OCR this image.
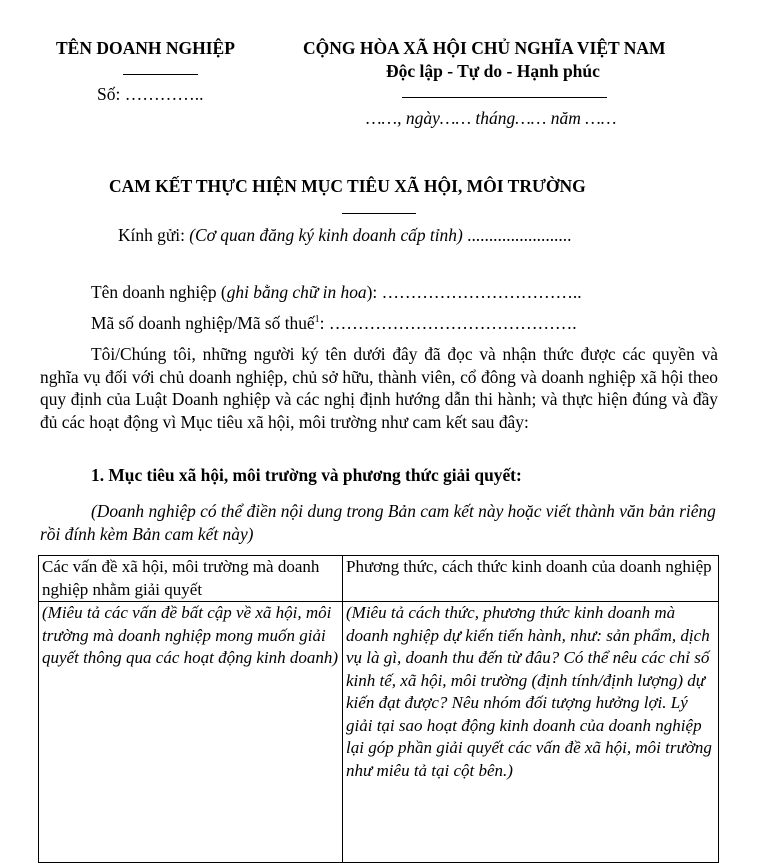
TÊN DOANH NGHIỆP
Số: …………..
CỘNG HÒA XÃ HỘI CHỦ NGHĨA VIỆT NAM
Độc lập - Tự do - Hạnh phúc
……, ngày…… tháng…… năm ……
CAM KẾT THỰC HIỆN MỤC TIÊU XÃ HỘI, MÔI TRƯỜNG
Kính gửi: (Cơ quan đăng ký kinh doanh cấp tỉnh) ........................
Tên doanh nghiệp (ghi bằng chữ in hoa): ……………………………..
Mã số doanh nghiệp/Mã số thuế$^1$: …………………………………….

Tôi/Chúng tôi, những người ký tên dưới đây đã đọc và nhận thức được các quyền và nghĩa vụ đối với chủ doanh nghiệp, chủ sở hữu, thành viên, cổ đông và doanh nghiệp xã hội theo quy định của Luật Doanh nghiệp và các nghị định hướng dẫn thi hành; và thực hiện đúng và đầy đủ các hoạt động vì Mục tiêu xã hội, môi trường như cam kết sau đây:

1. Mục tiêu xã hội, môi trường và phương thức giải quyết:

(Doanh nghiệp có thể điền nội dung trong Bản cam kết này hoặc viết thành văn bản riêng rồi đính kèm Bản cam kết này)

Các vấn đề xã hội, môi trường mà doanh nghiệp nhằm giải quyết	Phương thức, cách thức kinh doanh của doanh nghiệp
(Miêu tả các vấn đề bất cập về xã hội, môi trường mà doanh nghiệp mong muốn giải quyết thông qua các hoạt động kinh doanh)	(Miêu tả cách thức, phương thức kinh doanh mà doanh nghiệp dự kiến tiến hành, như: sản phẩm, dịch vụ là gì, doanh thu đến từ đâu? Có thể nêu các chỉ số kinh tế, xã hội, môi trường (định tính/định lượng) dự kiến đạt được? Nêu nhóm đối tượng hưởng lợi. Lý giải tại sao hoạt động kinh doanh của doanh nghiệp lại góp phần giải quyết các vấn đề xã hội, môi trường như miêu tả tại cột bên.)
